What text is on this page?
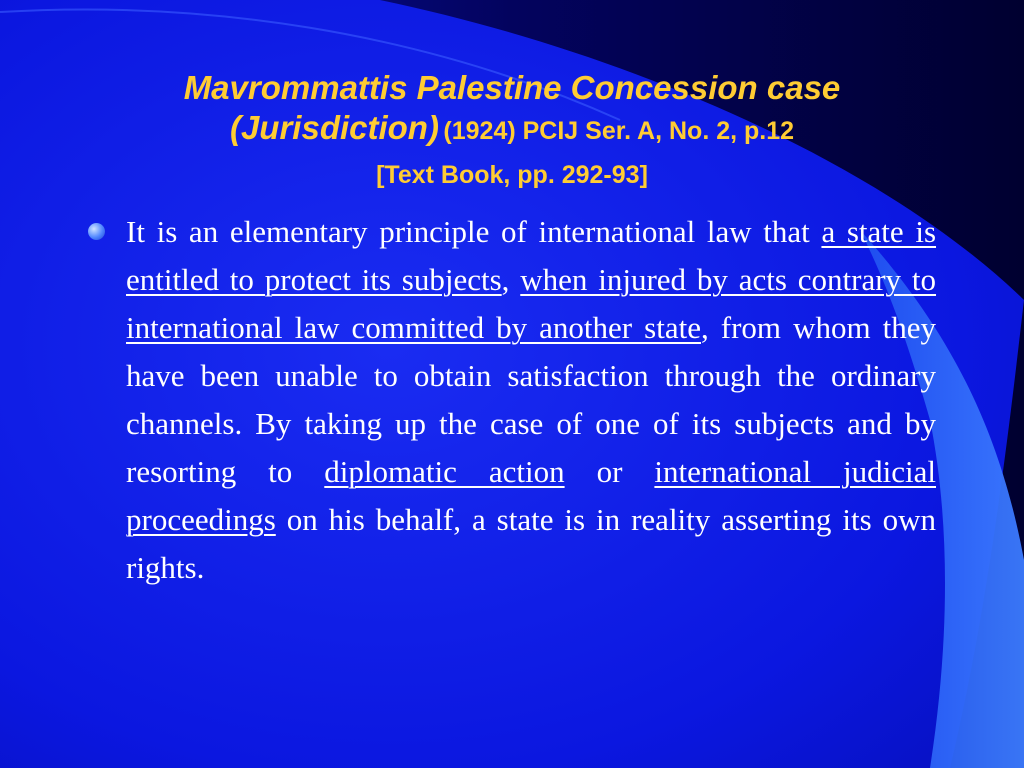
Mavrommattis Palestine Concession case
(Jurisdiction) (1924) PCIJ Ser. A, No. 2, p.12
[Text Book, pp. 292-93]

It is an elementary principle of international law that a state is entitled to protect its subjects, when injured by acts contrary to international law committed by another state, from whom they have been unable to obtain satisfaction through the ordinary channels. By taking up the case of one of its subjects and by resorting to diplomatic action or international judicial proceedings on his behalf, a state is in reality asserting its own rights.
